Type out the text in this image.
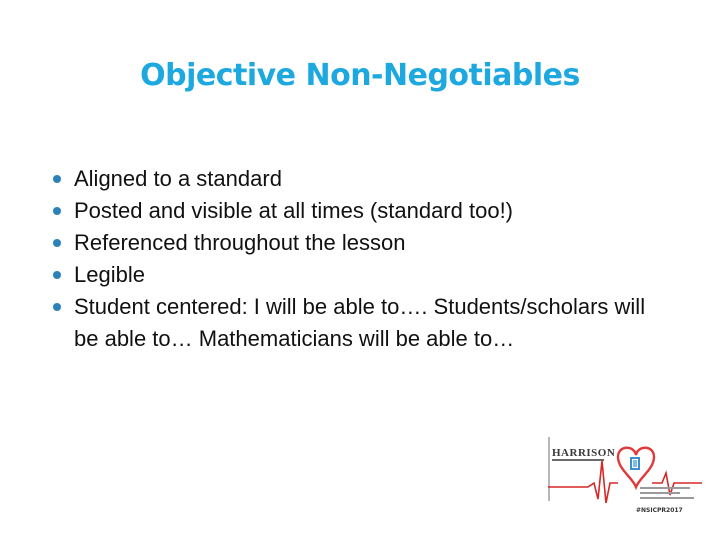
Objective Non-Negotiables
Aligned to a standard
Posted and visible at all times (standard too!)
Referenced throughout the lesson
Legible
Student centered: I will be able to…. Students/scholars will be able to… Mathematicians will be able to…
HARRISON
#NSICPR2017
